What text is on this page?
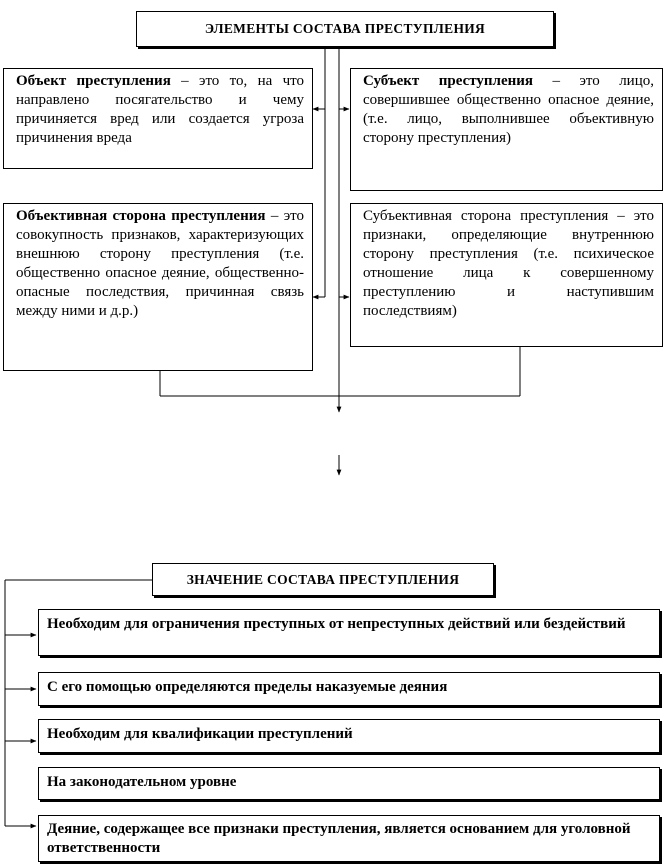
ЭЛЕМЕНТЫ СОСТАВА ПРЕСТУПЛЕНИЯ
Объект преступления – это то, на что направлено посягательство и чему причиняется вред или создается угроза причинения вреда
Субъект преступления – это лицо, совершившее общественно опасное деяние, (т.е. лицо, выполнившее объективную сторону преступления)
Объективная сторона преступления – это совокупность признаков, характеризующих внешнюю сторону преступления (т.е. общественно опасное деяние, общественно- опасные последствия, причинная связь между ними и д.р.)
Субъективная сторона преступления – это признаки, определяющие внутреннюю сторону преступления (т.е. психическое отношение лица к совершенному преступлению и наступившим последствиям)
ЗНАЧЕНИЕ СОСТАВА ПРЕСТУПЛЕНИЯ
Необходим для ограничения преступных от непреступных действий или бездействий
С его помощью определяются пределы наказуемые деяния
Необходим для квалификации преступлений
На законодательном уровне
Деяние, содержащее все признаки преступления, является основанием для уголовной ответственности
